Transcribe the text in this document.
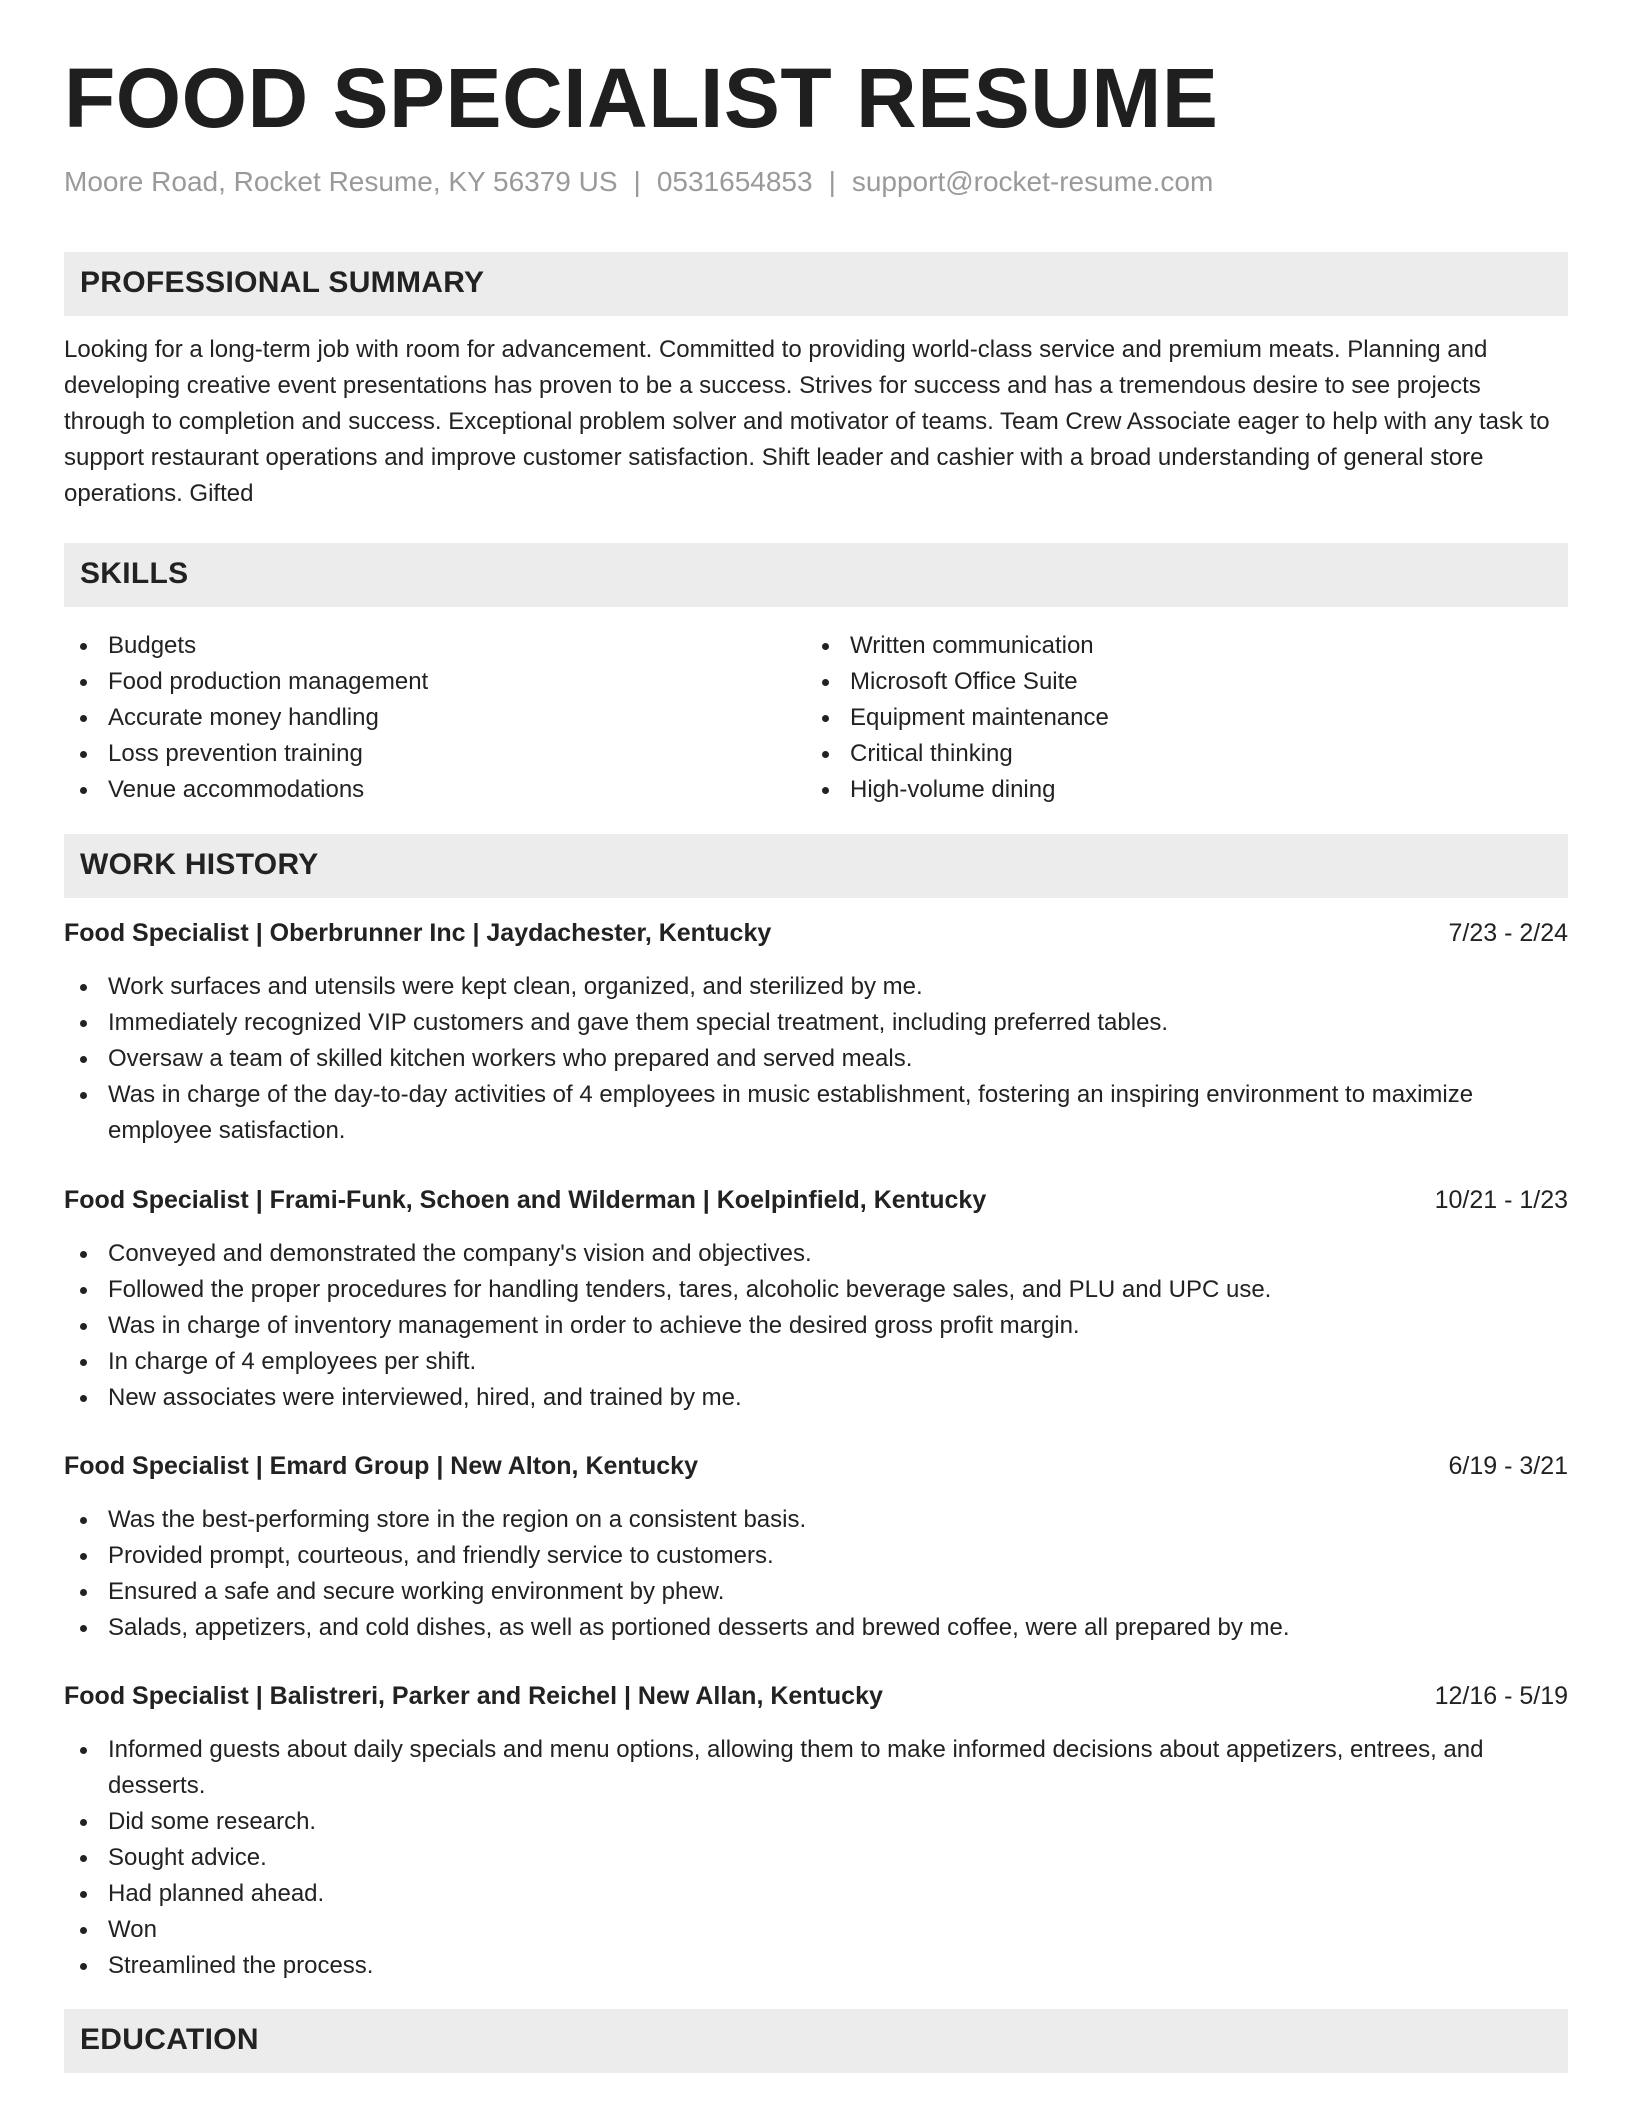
FOOD SPECIALIST RESUME
Moore Road, Rocket Resume, KY 56379 US | 0531654853 | support@rocket-resume.com
PROFESSIONAL SUMMARY

Looking for a long-term job with room for advancement. Committed to providing world-class service and premium meats. Planning and developing creative event presentations has proven to be a success. Strives for success and has a tremendous desire to see projects through to completion and success. Exceptional problem solver and motivator of teams. Team Crew Associate eager to help with any task to support restaurant operations and improve customer satisfaction. Shift leader and cashier with a broad understanding of general store operations. Gifted

SKILLS
Budgets
Food production management
Accurate money handling
Loss prevention training
Venue accommodations
Written communication
Microsoft Office Suite
Equipment maintenance
Critical thinking
High-volume dining
WORK HISTORY
Food Specialist | Oberbrunner Inc | Jaydachester, Kentucky	7/23 - 2/24
Work surfaces and utensils were kept clean, organized, and sterilized by me.
Immediately recognized VIP customers and gave them special treatment, including preferred tables.
Oversaw a team of skilled kitchen workers who prepared and served meals.
Was in charge of the day-to-day activities of 4 employees in music establishment, fostering an inspiring environment to maximize employee satisfaction.
Food Specialist | Frami-Funk, Schoen and Wilderman | Koelpinfield, Kentucky	10/21 - 1/23
Conveyed and demonstrated the company's vision and objectives.
Followed the proper procedures for handling tenders, tares, alcoholic beverage sales, and PLU and UPC use.
Was in charge of inventory management in order to achieve the desired gross profit margin.
In charge of 4 employees per shift.
New associates were interviewed, hired, and trained by me.
Food Specialist | Emard Group | New Alton, Kentucky	6/19 - 3/21
Was the best-performing store in the region on a consistent basis.
Provided prompt, courteous, and friendly service to customers.
Ensured a safe and secure working environment by phew.
Salads, appetizers, and cold dishes, as well as portioned desserts and brewed coffee, were all prepared by me.
Food Specialist | Balistreri, Parker and Reichel | New Allan, Kentucky	12/16 - 5/19
Informed guests about daily specials and menu options, allowing them to make informed decisions about appetizers, entrees, and desserts.
Did some research.
Sought advice.
Had planned ahead.
Won
Streamlined the process.
EDUCATION
